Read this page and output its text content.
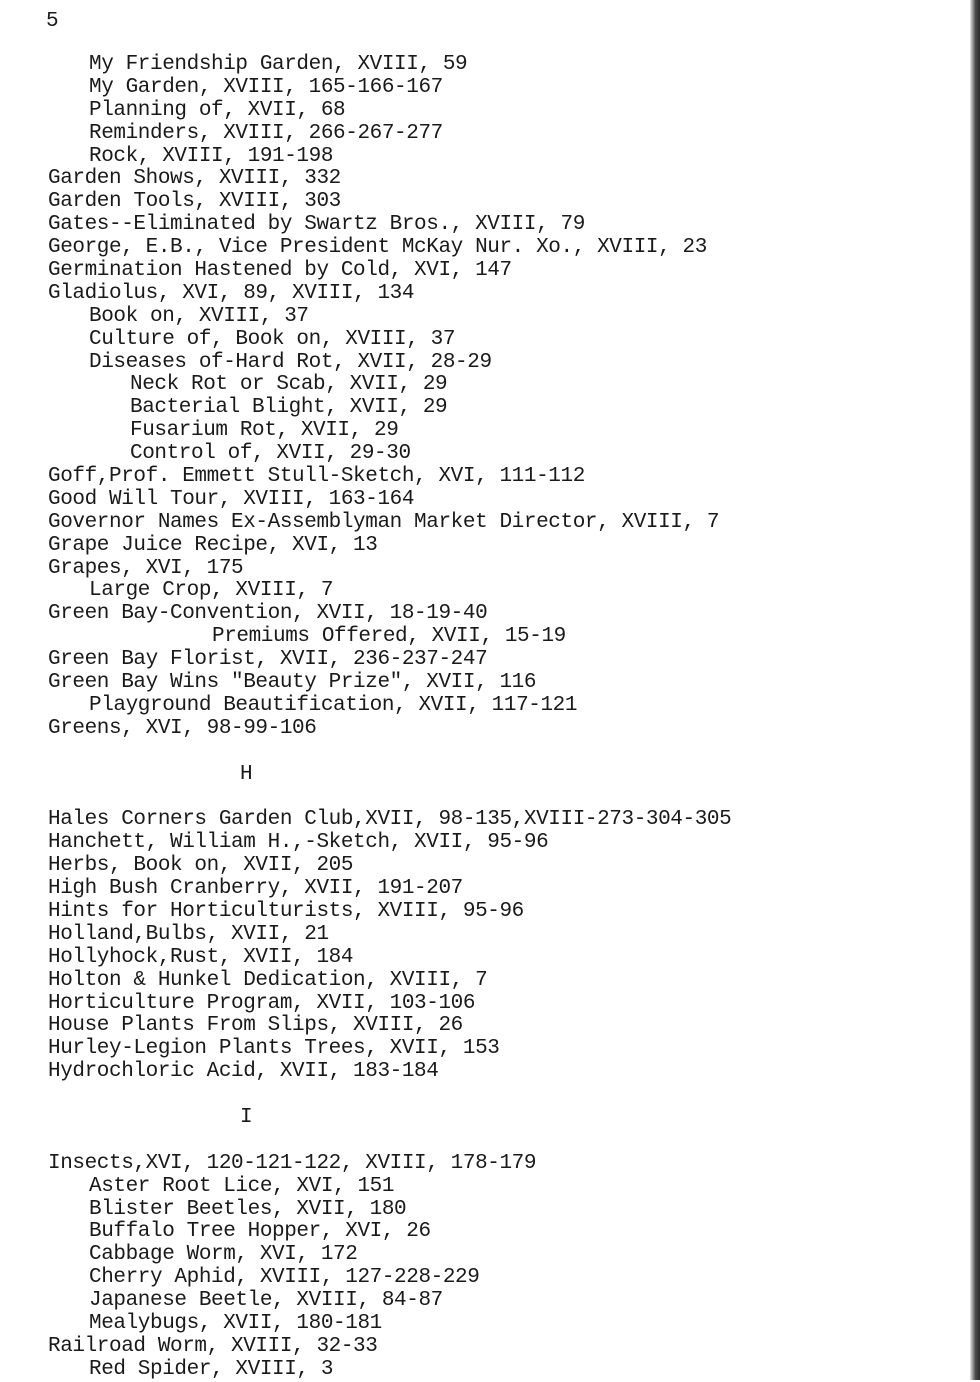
5
My Friendship Garden, XVIII, 59
My Garden, XVIII, 165-166-167
Planning of, XVII, 68
Reminders, XVIII, 266-267-277
Rock, XVIII, 191-198
Garden Shows, XVIII, 332
Garden Tools, XVIII, 303
Gates--Eliminated by Swartz Bros., XVIII, 79
George, E.B., Vice President McKay Nur. Xo., XVIII, 23
Germination Hastened by Cold, XVI, 147
Gladiolus, XVI, 89, XVIII, 134
Book on, XVIII, 37
Culture of, Book on, XVIII, 37
Diseases of-Hard Rot, XVII, 28-29
Neck Rot or Scab, XVII, 29
Bacterial Blight, XVII, 29
Fusarium Rot, XVII, 29
Control of, XVII, 29-30
Goff,Prof. Emmett Stull-Sketch, XVI, 111-112
Good Will Tour, XVIII, 163-164
Governor Names Ex-Assemblyman Market Director, XVIII, 7
Grape Juice Recipe, XVI, 13
Grapes, XVI, 175
Large Crop, XVIII, 7
Green Bay-Convention, XVII, 18-19-40
Premiums Offered, XVII, 15-19
Green Bay Florist, XVII, 236-237-247
Green Bay Wins "Beauty Prize", XVII, 116
Playground Beautification, XVII, 117-121
Greens, XVI, 98-99-106
H
Hales Corners Garden Club,XVII, 98-135,XVIII-273-304-305
Hanchett, William H.,-Sketch, XVII, 95-96
Herbs, Book on, XVII, 205
High Bush Cranberry, XVII, 191-207
Hints for Horticulturists, XVIII, 95-96
Holland,Bulbs, XVII, 21
Hollyhock,Rust, XVII, 184
Holton & Hunkel Dedication, XVIII, 7
Horticulture Program, XVII, 103-106
House Plants From Slips, XVIII, 26
Hurley-Legion Plants Trees, XVII, 153
Hydrochloric Acid, XVII, 183-184
I
Insects,XVI, 120-121-122, XVIII, 178-179
Aster Root Lice, XVI, 151
Blister Beetles, XVII, 180
Buffalo Tree Hopper, XVI, 26
Cabbage Worm, XVI, 172
Cherry Aphid, XVIII, 127-228-229
Japanese Beetle, XVIII, 84-87
Mealybugs, XVII, 180-181
Railroad Worm, XVIII, 32-33
Red Spider, XVIII, 3
